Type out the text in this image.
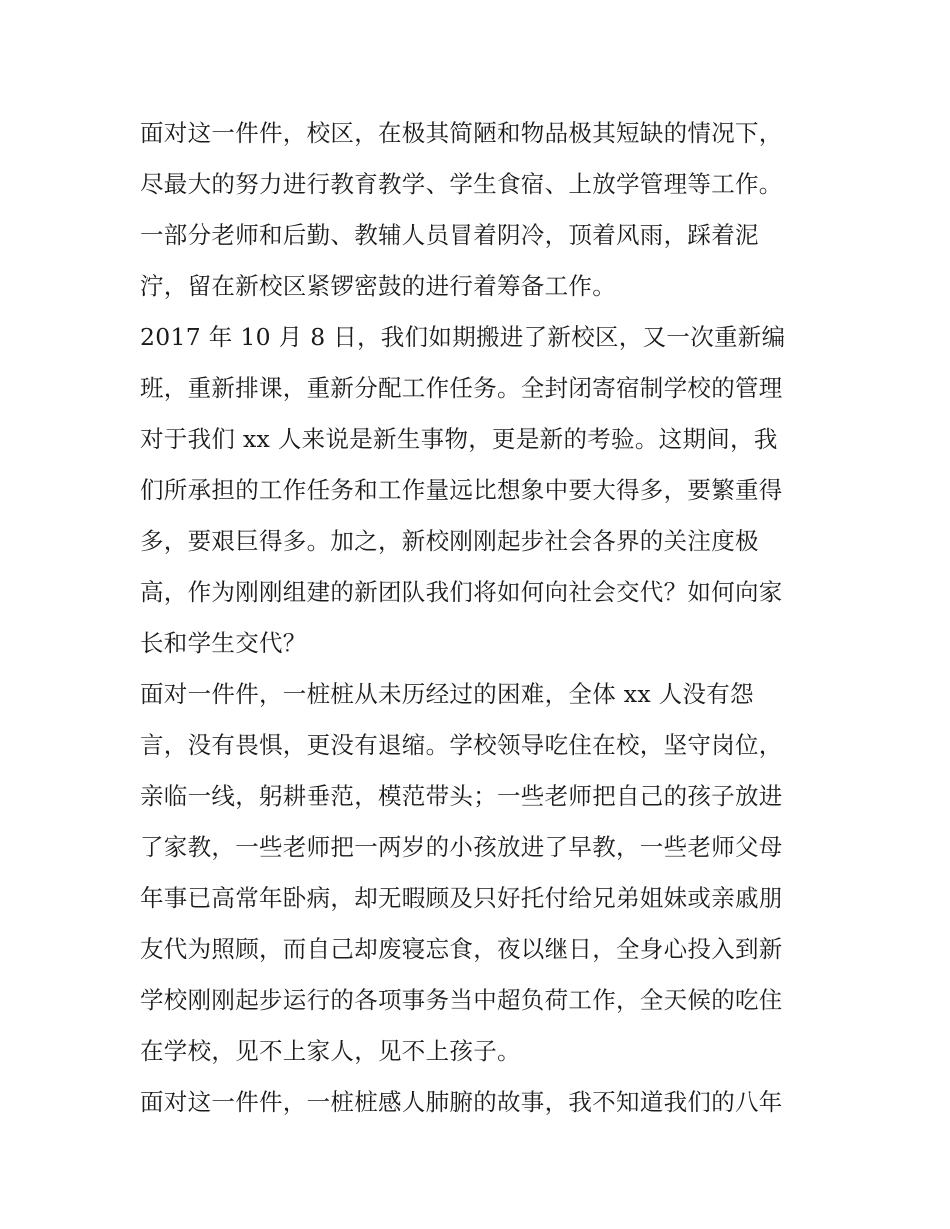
面对这一件件，校区，在极其简陋和物品极其短缺的情况下，
尽最大的努力进行教育教学、学生食宿、上放学管理等工作。
一部分老师和后勤、教辅人员冒着阴冷，顶着风雨，踩着泥
泞，留在新校区紧锣密鼓的进行着筹备工作。
2017 年 10 月 8 日，我们如期搬进了新校区，又一次重新编
班，重新排课，重新分配工作任务。全封闭寄宿制学校的管理
对于我们 xx 人来说是新生事物，更是新的考验。这期间，我
们所承担的工作任务和工作量远比想象中要大得多，要繁重得
多，要艰巨得多。加之，新校刚刚起步社会各界的关注度极
高，作为刚刚组建的新团队我们将如何向社会交代？如何向家
长和学生交代？
面对一件件，一桩桩从未历经过的困难，全体 xx 人没有怨
言，没有畏惧，更没有退缩。学校领导吃住在校，坚守岗位，
亲临一线，躬耕垂范，模范带头；一些老师把自己的孩子放进
了家教，一些老师把一两岁的小孩放进了早教，一些老师父母
年事已高常年卧病，却无暇顾及只好托付给兄弟姐妹或亲戚朋
友代为照顾，而自己却废寝忘食，夜以继日，全身心投入到新
学校刚刚起步运行的各项事务当中超负荷工作，全天候的吃住
在学校，见不上家人，见不上孩子。
面对这一件件，一桩桩感人肺腑的故事，我不知道我们的八年
